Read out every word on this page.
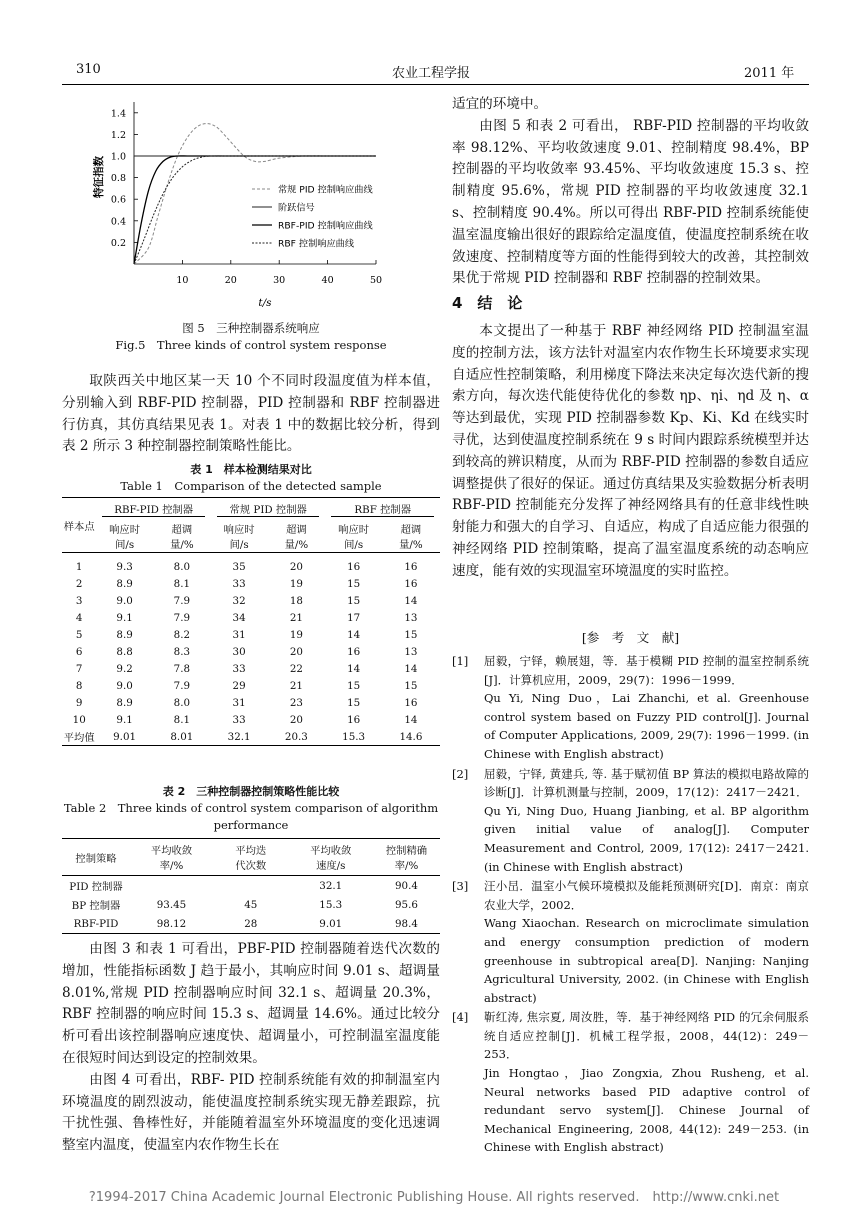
310	农业工程学报	2011 年
0.2
0.4
0.6
0.8
1.0
1.2
1.4
10	20	30	40	50
t/s
特征指数	常规 PID 控制响应曲线
阶跃信号
RBF-PID 控制响应曲线
RBF 控制响应曲线
图 5　三种控制器系统响应
Fig.5　Three kinds of control system response

取陕西关中地区某一天 10 个不同时段温度值为样本值，分别输入到 RBF-PID 控制器，PID 控制器和 RBF 控制器进行仿真，其仿真结果见表 1。对表 1 中的数据比较分析，得到表 2 所示 3 种控制器控制策略性能比。

表 1　样本检测结果对比
Table 1　Comparison of the detected sample
样本点	RBF-PID 控制器		常规 PID 控制器		RBF 控制器	

	响应时间/s	超调量/%	响应时间/s	超调量/%	响应时间/s	超调量/%
1	9.3	8.0	35	20	16	16
2	8.9	8.1	33	19	15	16
3	9.0	7.9	32	18	15	14
4	9.1	7.9	34	21	17	13
5	8.9	8.2	31	19	14	15
6	8.8	8.3	30	20	16	13
7	9.2	7.8	33	22	14	14
8	9.0	7.9	29	21	15	15
9	8.9	8.0	31	23	15	16
10	9.1	8.1	33	20	16	14
平均值	9.01	8.01	32.1	20.3	15.3	14.6
表 2　三种控制器控制策略性能比较
Table 2　Three kinds of control system comparison of algorithm performance
控制策略	平均收敛率/%	平均迭代次数	平均收敛速度/s	控制精确率/%
PID 控制器			32.1	90.4
BP 控制器	93.45	45	15.3	95.6
RBF-PID	98.12	28	9.01	98.4

由图 3 和表 1 可看出，PBF-PID 控制器随着迭代次数的增加，性能指标函数 J 趋于最小，其响应时间 9.01 s、超调量 8.01%,常规 PID 控制器响应时间 32.1 s、超调量 20.3%，RBF 控制器的响应时间 15.3 s、超调量 14.6%。通过比较分析可看出该控制器响应速度快、超调量小，可控制温室温度能在很短时间达到设定的控制效果。

由图 4 可看出，RBF- PID 控制系统能有效的抑制温室内环境温度的剧烈波动，能使温度控制系统实现无静差跟踪，抗干扰性强、鲁棒性好，并能随着温室外环境温度的变化迅速调整室内温度，使温室内农作物生长在

适宜的环境中。

由图 5 和表 2 可看出， RBF-PID 控制器的平均收敛率 98.12%、平均收敛速度 9.01、控制精度 98.4%，BP 控制器的平均收敛率 93.45%、平均收敛速度 15.3 s、控制精度 95.6%，常规 PID 控制器的平均收敛速度 32.1 s、控制精度 90.4%。所以可得出 RBF-PID 控制系统能使温室温度输出很好的跟踪给定温度值，使温度控制系统在收敛速度、控制精度等方面的性能得到较大的改善，其控制效果优于常规 PID 控制器和 RBF 控制器的控制效果。

4　结　论

本文提出了一种基于 RBF 神经网络 PID 控制温室温度的控制方法，该方法针对温室内农作物生长环境要求实现自适应性控制策略，利用梯度下降法来决定每次迭代新的搜索方向，每次迭代能使待优化的参数 ηp、ηi、ηd 及 η、α 等达到最优，实现 PID 控制器参数 Kp、Ki、Kd 在线实时寻优，达到使温度控制系统在 9 s 时间内跟踪系统模型并达到较高的辨识精度，从而为 RBF-PID 控制器的参数自适应调整提供了很好的保证。通过仿真结果及实验数据分析表明 RBF-PID 控制能充分发挥了神经网络具有的任意非线性映射能力和强大的自学习、自适应，构成了自适应能力很强的神经网络 PID 控制策略，提高了温室温度系统的动态响应速度，能有效的实现温室环境温度的实时监控。

[参　考　文　献]
[1] 屈毅，宁铎，赖展翅，等．基于模糊 PID 控制的温室控制系统[J]．计算机应用，2009，29(7)：1996－1999．

Qu Yi, Ning Duo，Lai Zhanchi, et al. Greenhouse control system based on Fuzzy PID control[J]. Journal of Computer Applications, 2009, 29(7): 1996－1999. (in Chinese with English abstract)

[2] 屈毅，宁铎, 黄建兵, 等. 基于赋初值 BP 算法的模拟电路故障的诊断[J]．计算机测量与控制，2009，17(12)：2417－2421．

Qu Yi, Ning Duo, Huang Jianbing, et al. BP algorithm given initial value of analog[J]. Computer Measurement and Control, 2009, 17(12): 2417－2421. (in Chinese with English abstract)

[3] 汪小旵．温室小气候环境模拟及能耗预测研究[D]．南京：南京农业大学，2002．

Wang Xiaochan. Research on microclimate simulation and energy consumption prediction of modern greenhouse in subtropical area[D]. Nanjing: Nanjing Agricultural University, 2002. (in Chinese with English abstract)

[4] 靳红涛, 焦宗夏, 周汝胜，等．基于神经网络 PID 的冗余伺服系统自适应控制[J]．机械工程学报，2008，44(12)：249－253．

Jin Hongtao，Jiao Zongxia, Zhou Rusheng, et al. Neural networks based PID adaptive control of redundant servo system[J]. Chinese Journal of Mechanical Engineering, 2008, 44(12): 249－253. (in Chinese with English abstract)

?1994-2017 China Academic Journal Electronic Publishing House. All rights reserved.　http://www.cnki.net
